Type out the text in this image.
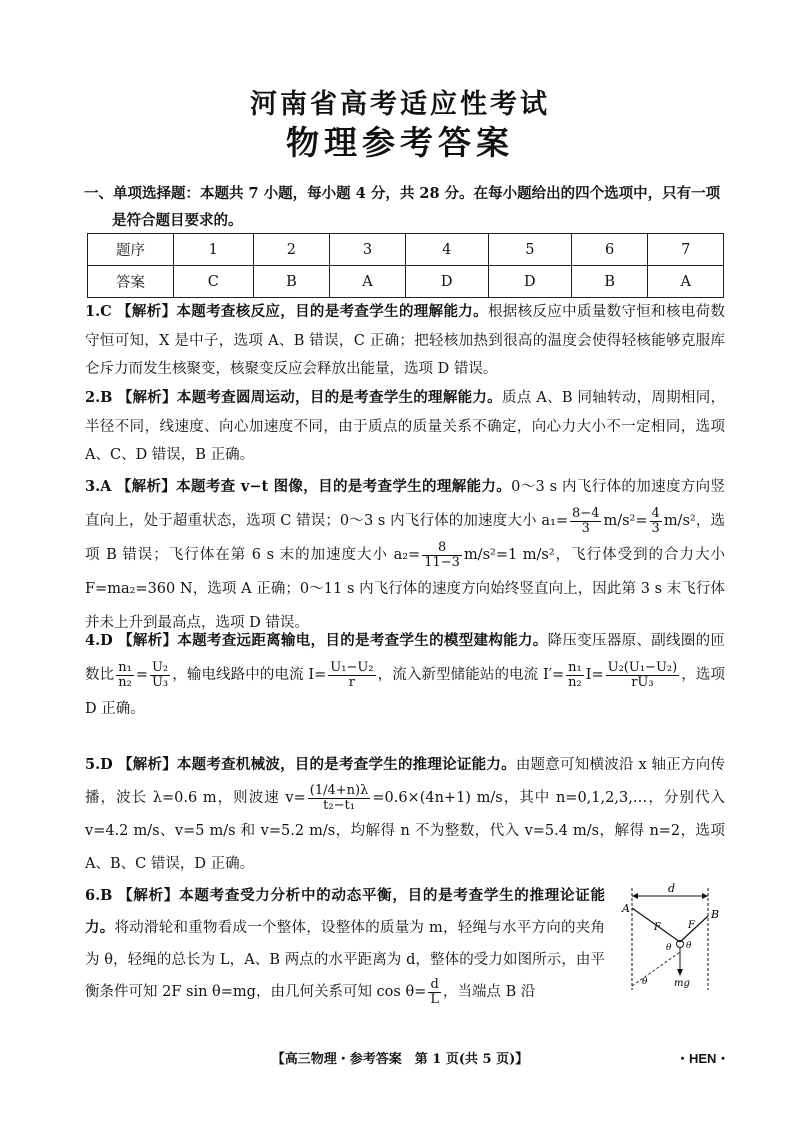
河南省高考适应性考试
物理参考答案
一、单项选择题：本题共 7 小题，每小题 4 分，共 28 分。在每小题给出的四个选项中，只有一项
是符合题目要求的。
题序	1	2	3	4	5	6	7
答案	C	B	A	D	D	B	A
1.C 【解析】本题考查核反应，目的是考查学生的理解能力。根据核反应中质量数守恒和核电荷数守恒可知，X 是中子，选项 A、B 错误，C 正确；把轻核加热到很高的温度会使得轻核能够克服库仑斥力而发生核聚变，核聚变反应会释放出能量，选项 D 错误。
2.B 【解析】本题考查圆周运动，目的是考查学生的理解能力。质点 A、B 同轴转动，周期相同，半径不同，线速度、向心加速度不同，由于质点的质量关系不确定，向心力大小不一定相同，选项 A、C、D 错误，B 正确。
3.A 【解析】本题考查 v−t 图像，目的是考查学生的理解能力。0～3 s 内飞行体的加速度方向竖直向上，处于超重状态，选项 C 错误；0～3 s 内飞行体的加速度大小 $a_1= \frac{8-4}{3} m/s^2= \frac{4}{3} m/s^2$，选项 B 错误；飞行体在第 6 s 末的加速度大小 $a_2= \frac{8}{11-3} m/s^2=1$ m/s²，飞行体受到的合力大小 F=ma₂=360 N，选项 A 正确；0～11 s 内飞行体的速度方向始终竖直向上，因此第 3 s 末飞行体并未上升到最高点，选项 D 错误。
4.D 【解析】本题考查远距离输电，目的是考查学生的模型建构能力。降压变压器原、副线圈的匝数比 $\frac{\text{n₁}}{\text{n₂}} = \frac{\text{U₂}}{\text{U₃}}$ ，输电线路中的电流 $I= \frac{\text{U₁−U₂}}{r}$ ，流入新型储能站的电流 $I'= \frac{\text{n₁}}{\text{n₂}} I= \frac{\text{U₂(U₁−U₂)}}{\text{rU₃}}$ ，选项 D 正确。
5.D 【解析】本题考查机械波，目的是考查学生的推理论证能力。由题意可知横波沿 x 轴正方向传播，波长 λ=0.6 m，则波速 $v= \frac{(1/4+n)\lambda}{\text{t₂−t₁}} =0.6\times(4n+1)$ m/s，其中 n=0,1,2,3,…，分别代入 v=4.2 m/s、v=5 m/s 和 v=5.2 m/s，均解得 n 不为整数，代入 v=5.4 m/s，解得 n=2，选项 A、B、C 错误，D 正确。
6.B 【解析】本题考查受力分析中的动态平衡，目的是考查学生的推理论证能力。将动滑轮和重物看成一个整体，设整体的质量为 m，轻绳与水平方向的夹角为 θ，轻绳的总长为 L，A、B 两点的水平距离为 d，整体的受力如图所示，由平衡条件可知 2F sin θ=mg，由几何关系可知 $\cos \theta= \frac{d}{L}$ ，当端点 B 沿
d
A	B
F	F
θ θ
mg
θ
【高三物理・参考答案　第 1 页(共 5 页)】	・HEN・
